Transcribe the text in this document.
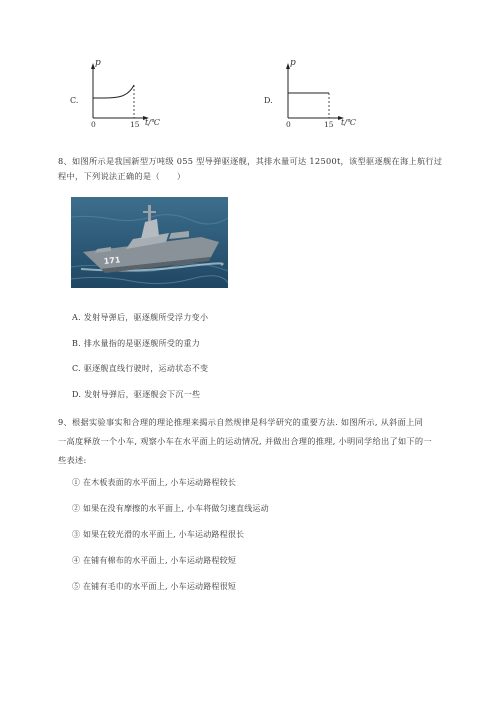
C.
p
0	15 t/℃
D.
p
0	15 t/℃
8、如图所示是我国新型万吨级 055 型导弹驱逐舰，其排水量可达 12500t，该型驱逐舰在海上航行过
程中，下列说法正确的是（　　）
171
A. 发射导弹后，驱逐舰所受浮力变小
B. 排水量指的是驱逐舰所受的重力
C. 驱逐舰直线行驶时，运动状态不变
D. 发射导弹后，驱逐舰会下沉一些
9、根据实验事实和合理的理论推理来揭示自然规律是科学研究的重要方法. 如图所示, 从斜面上同
一高度释放一个小车, 观察小车在水平面上的运动情况, 并做出合理的推理, 小明同学给出了如下的一
些表述:
① 在木板表面的水平面上, 小车运动路程较长
② 如果在没有摩擦的水平面上, 小车将做匀速直线运动
③ 如果在较光滑的水平面上, 小车运动路程很长
④ 在铺有棉布的水平面上, 小车运动路程较短
⑤ 在铺有毛巾的水平面上, 小车运动路程很短
